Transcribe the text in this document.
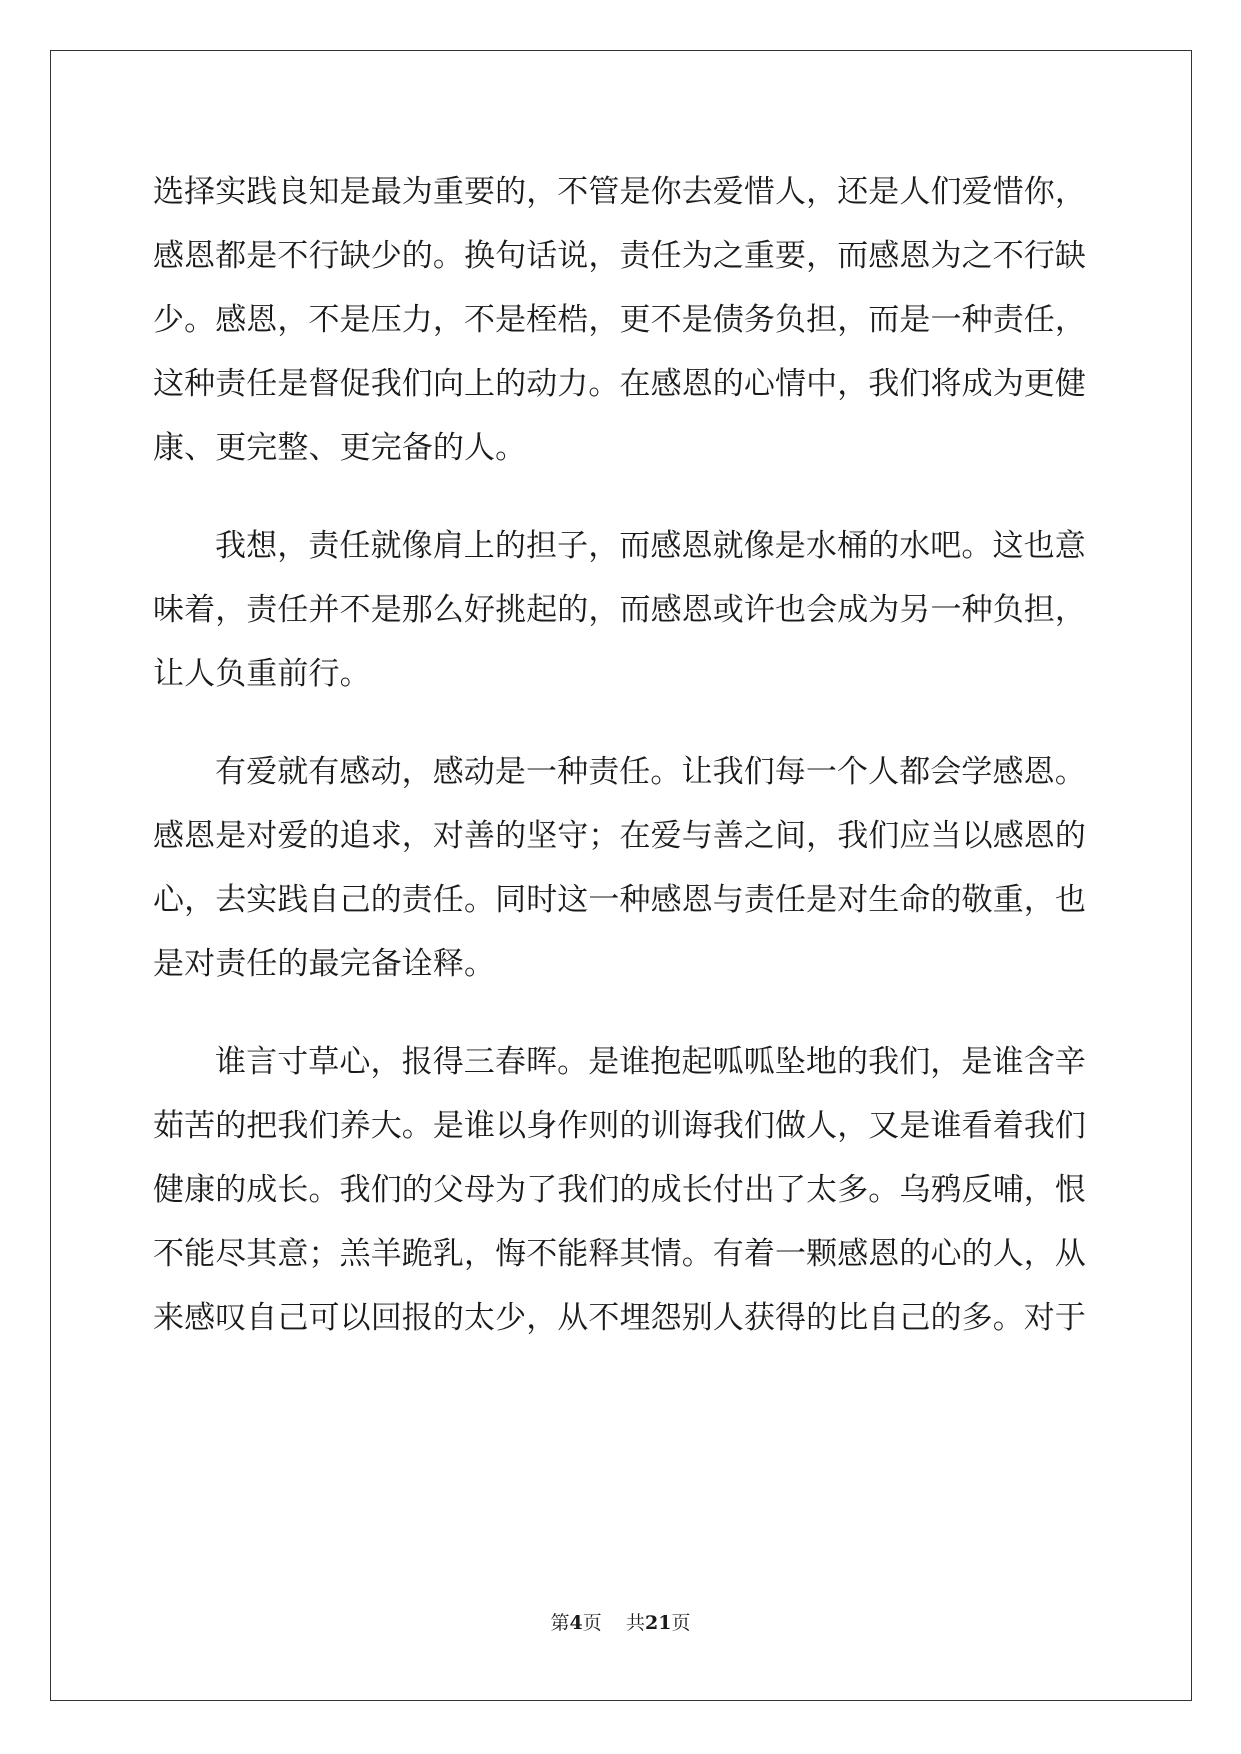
选择实践良知是最为重要的，不管是你去爱惜人，还是人们爱惜你，
感恩都是不行缺少的。换句话说，责任为之重要，而感恩为之不行缺
少。感恩，不是压力，不是桎梏，更不是债务负担，而是一种责任，
这种责任是督促我们向上的动力。在感恩的心情中，我们将成为更健
康、更完整、更完备的人。
我想，责任就像肩上的担子，而感恩就像是水桶的水吧。这也意
味着，责任并不是那么好挑起的，而感恩或许也会成为另一种负担，
让人负重前行。
有爱就有感动，感动是一种责任。让我们每一个人都会学感恩。
感恩是对爱的追求，对善的坚守；在爱与善之间，我们应当以感恩的
心，去实践自己的责任。同时这一种感恩与责任是对生命的敬重，也
是对责任的最完备诠释。
谁言寸草心，报得三春晖。是谁抱起呱呱坠地的我们，是谁含辛
茹苦的把我们养大。是谁以身作则的训诲我们做人，又是谁看着我们
健康的成长。我们的父母为了我们的成长付出了太多。乌鸦反哺，恨
不能尽其意；羔羊跪乳，悔不能释其情。有着一颗感恩的心的人，从
来感叹自己可以回报的太少，从不埋怨别人获得的比自己的多。对于
第4页 共21页
